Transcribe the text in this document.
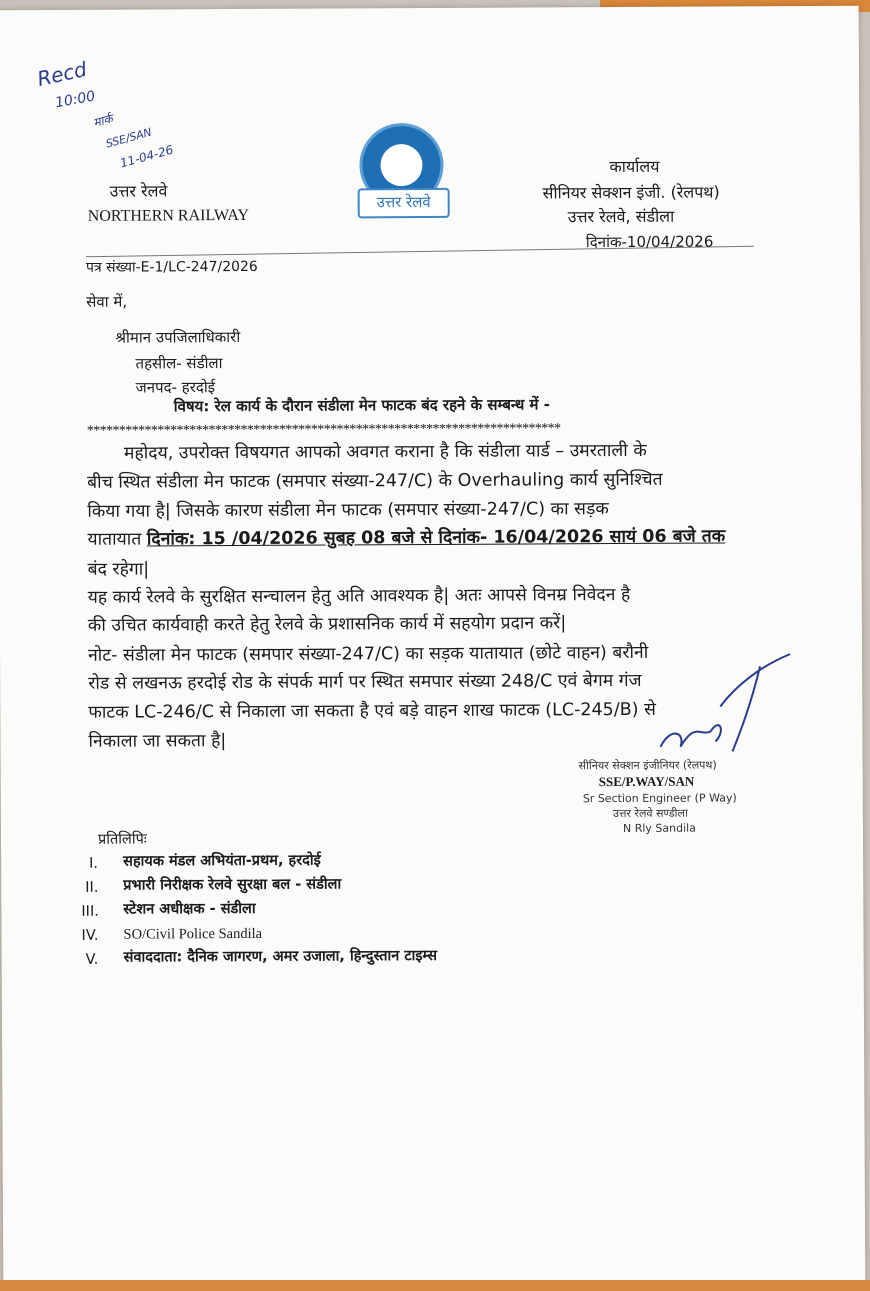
Recd
10:00
मार्क
SSE/SAN
11-04-26
उत्तर रेलवे
उत्तर रेलवे
NORTHERN RAILWAY
कार्यालय
सीनियर सेक्शन इंजी. (रेलपथ)
उत्तर रेलवे, संडीला
दिनांक-10/04/2026
पत्र संख्या-E-1/LC-247/2026
सेवा में,
श्रीमान उपजिलाधिकारी
तहसील- संडीला
जनपद- हरदोई
विषय: रेल कार्य के दौरान संडीला मेन फाटक बंद रहने के सम्बन्ध में -
**************************************************************************
महोदय, उपरोक्त विषयगत आपको अवगत कराना है कि संडीला यार्ड – उमरताली के
बीच स्थित संडीला मेन फाटक (समपार संख्या-247/C) के Overhauling कार्य सुनिश्चित
किया गया है| जिसके कारण संडीला मेन फाटक (समपार संख्या-247/C) का सड़क
यातायात दिनांक: 15 /04/2026 सुबह 08 बजे से दिनांक- 16/04/2026 सायं 06 बजे तक
बंद रहेगा|
यह कार्य रेलवे के सुरक्षित सन्चालन हेतु अति आवश्यक है| अतः आपसे विनम्र निवेदन है
की उचित कार्यवाही करते हेतु रेलवे के प्रशासनिक कार्य में सहयोग प्रदान करें|
नोट- संडीला मेन फाटक (समपार संख्या-247/C) का सड़क यातायात (छोटे वाहन) बरौनी
रोड से लखनऊ हरदोई रोड के संपर्क मार्ग पर स्थित समपार संख्या 248/C एवं बेगम गंज
फाटक LC-246/C से निकाला जा सकता है एवं बड़े वाहन शाख फाटक (LC-245/B) से
निकाला जा सकता है|
सीनियर सेक्शन इंजीनियर (रेलपथ)
SSE/P.WAY/SAN
Sr Section Engineer (P Way)
उत्तर रेलवे सण्डीला
N Rly Sandila
प्रतिलिपिः
I.	सहायक मंडल अभियंता-प्रथम, हरदोई
II. प्रभारी निरीक्षक रेलवे सुरक्षा बल - संडीला
III. स्टेशन अधीक्षक - संडीला
IV. SO/Civil Police Sandila
V. संवाददाता: दैनिक जागरण, अमर उजाला, हिन्दुस्तान टाइम्स
